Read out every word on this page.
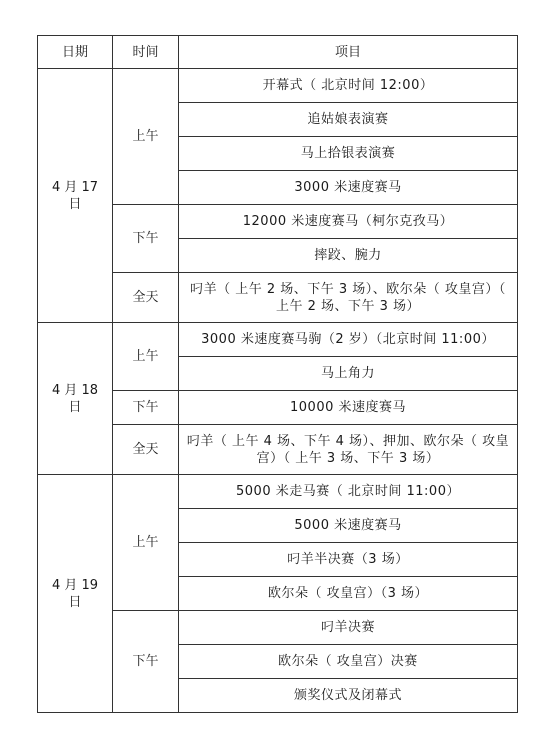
日期	时间	项目
4 月 17 日	上午	开幕式（ 北京时间 12:00）
		追姑娘表演赛
		马上拾银表演赛
		3000 米速度赛马
	下午	12000 米速度赛马（柯尔克孜马）
		摔跤、腕力
	全天	叼羊（ 上午 2 场、下午 3 场）、欧尔朵（ 攻皇宫）（ 上午 2 场、下午 3 场）
4 月 18 日	上午	3000 米速度赛马驹（2 岁）（北京时间 11:00）
		马上角力
	下午	10000 米速度赛马
	全天	叼羊（ 上午 4 场、下午 4 场）、押加、欧尔朵（ 攻皇宫）（ 上午 3 场、下午 3 场）
4 月 19 日	上午	5000 米走马赛（ 北京时间 11:00）
		5000 米速度赛马
		叼羊半决赛（3 场）
		欧尔朵（ 攻皇宫）（3 场）
	下午	叼羊决赛
		欧尔朵（ 攻皇宫）决赛
		颁奖仪式及闭幕式
